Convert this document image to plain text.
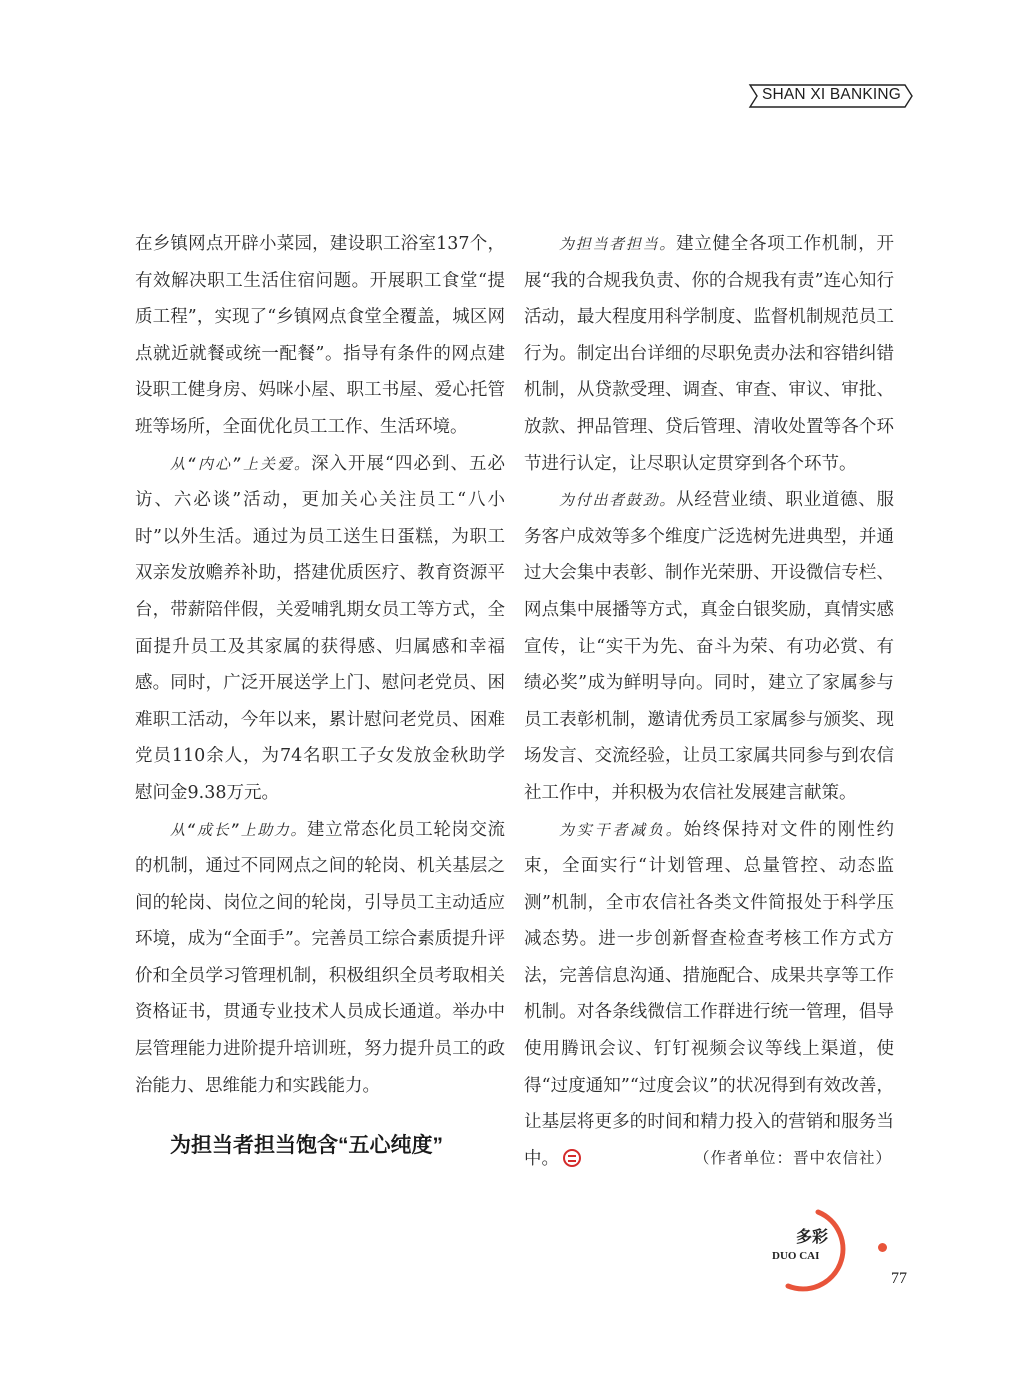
SHAN XI BANKING

在乡镇网点开辟小菜园，建设职工浴室137个，有效解决职工生活住宿问题。开展职工食堂“提质工程”，实现了“乡镇网点食堂全覆盖，城区网点就近就餐或统一配餐”。指导有条件的网点建设职工健身房、妈咪小屋、职工书屋、爱心托管班等场所，全面优化员工工作、生活环境。

从“内心”上关爱。深入开展“四必到、五必访、六必谈”活动，更加关心关注员工“八小时”以外生活。通过为员工送生日蛋糕，为职工双亲发放赡养补助，搭建优质医疗、教育资源平台，带薪陪伴假，关爱哺乳期女员工等方式，全面提升员工及其家属的获得感、归属感和幸福感。同时，广泛开展送学上门、慰问老党员、困难职工活动，今年以来，累计慰问老党员、困难党员110余人，为74名职工子女发放金秋助学慰问金9.38万元。

从“成长”上助力。建立常态化员工轮岗交流的机制，通过不同网点之间的轮岗、机关基层之间的轮岗、岗位之间的轮岗，引导员工主动适应环境，成为“全面手”。完善员工综合素质提升评价和全员学习管理机制，积极组织全员考取相关资格证书，贯通专业技术人员成长通道。举办中层管理能力进阶提升培训班，努力提升员工的政治能力、思维能力和实践能力。

为担当者担当饱含“五心纯度”

为担当者担当。建立健全各项工作机制，开展“我的合规我负责、你的合规我有责”连心知行活动，最大程度用科学制度、监督机制规范员工行为。制定出台详细的尽职免责办法和容错纠错机制，从贷款受理、调查、审查、审议、审批、放款、押品管理、贷后管理、清收处置等各个环节进行认定，让尽职认定贯穿到各个环节。

为付出者鼓劲。从经营业绩、职业道德、服务客户成效等多个维度广泛选树先进典型，并通过大会集中表彰、制作光荣册、开设微信专栏、网点集中展播等方式，真金白银奖励，真情实感宣传，让“实干为先、奋斗为荣、有功必赏、有绩必奖”成为鲜明导向。同时，建立了家属参与员工表彰机制，邀请优秀员工家属参与颁奖、现场发言、交流经验，让员工家属共同参与到农信社工作中，并积极为农信社发展建言献策。

为实干者减负。始终保持对文件的刚性约束，全面实行“计划管理、总量管控、动态监测”机制，全市农信社各类文件简报处于科学压减态势。进一步创新督查检查考核工作方式方法，完善信息沟通、措施配合、成果共享等工作机制。对各条线微信工作群进行统一管理，倡导使用腾讯会议、钉钉视频会议等线上渠道，使得“过度通知”“过度会议”的状况得到有效改善，让基层将更多的时间和精力投入的营销和服务当中。	（作者单位：晋中农信社）
多彩
DUO CAI
77
